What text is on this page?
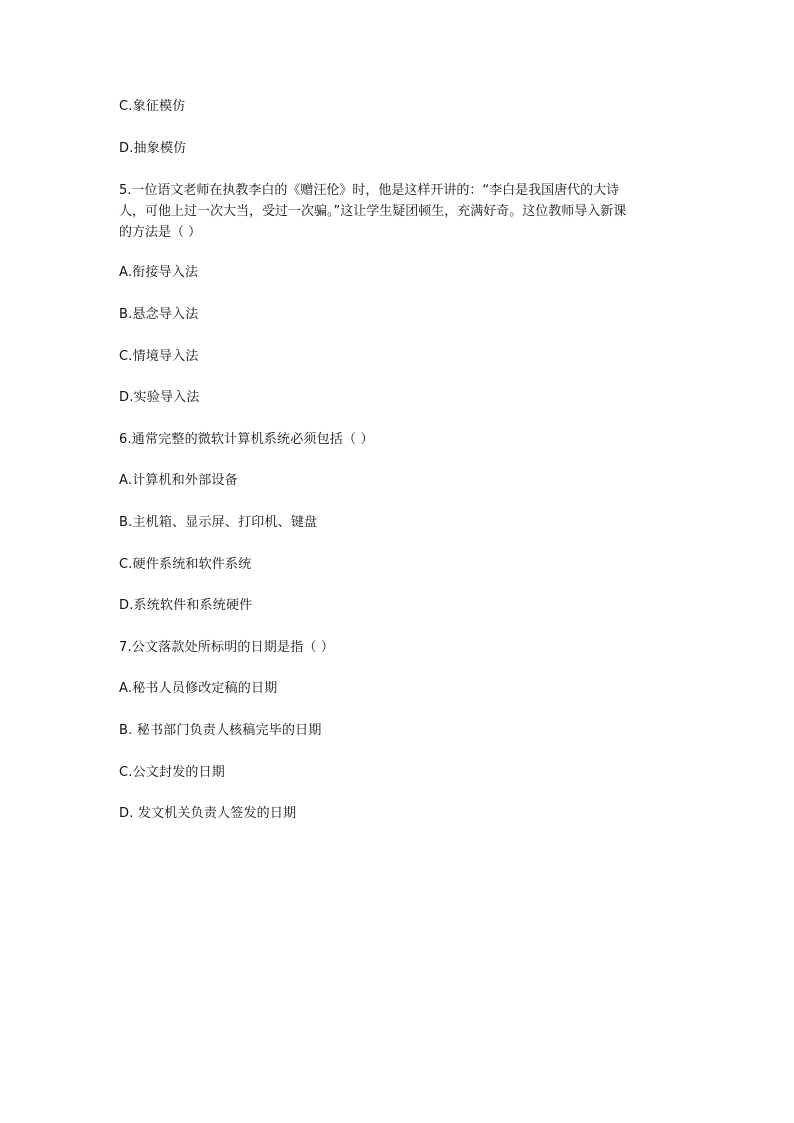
C.象征模仿
D.抽象模仿
5.一位语文老师在执教李白的《赠汪伦》时，他是这样开讲的：“李白是我国唐代的大诗
人，可他上过一次大当，受过一次骗。”这让学生疑团顿生，充满好奇。这位教师导入新课
的方法是（ ）
A.衔接导入法
B.悬念导入法
C.情境导入法
D.实验导入法
6.通常完整的微软计算机系统必须包括（ ）
A.计算机和外部设备
B.主机箱、显示屏、打印机、键盘
C.硬件系统和软件系统
D.系统软件和系统硬件
7.公文落款处所标明的日期是指（ ）
A.秘书人员修改定稿的日期
B. 秘书部门负责人核稿完毕的日期
C.公文封发的日期
D. 发文机关负责人签发的日期
